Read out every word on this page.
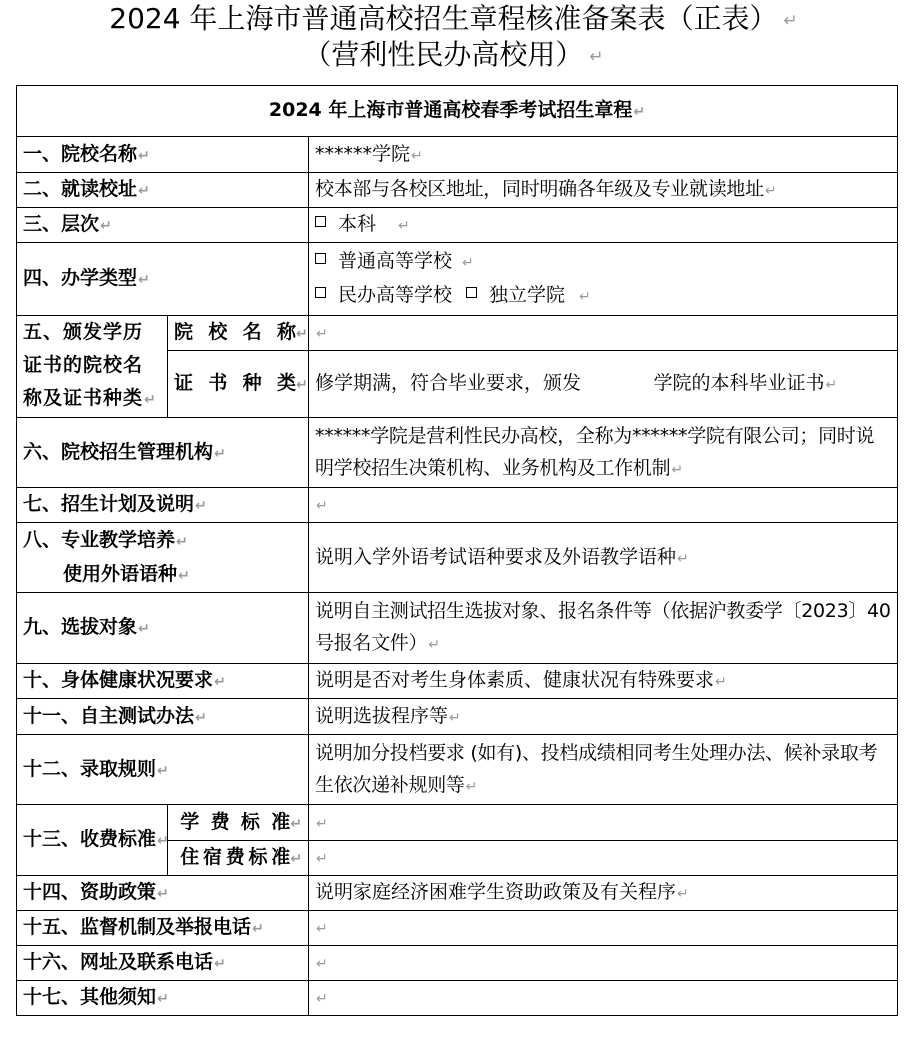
2024 年上海市普通高校招生章程核准备案表（正表） ↵
（营利性民办高校用） ↵
2024 年上海市普通高校春季考试招生章程↵		
一、院校名称↵		******学院↵
二、就读校址↵		校本部与各校区地址，同时明确各年级及专业就读地址↵
三、层次↵		本科 ↵
四、办学类型↵		普通高等学校 ↵
民办高等学校 独立学院 ↵

五、颁发学历证书的院校名称及证书种类↵	院校名称↵	↵
	证书种类↵	修学期满，符合毕业要求，颁发            学院的本科毕业证书↵
六、院校招生管理机构↵		******学院是营利性民办高校，全称为******学院有限公司；同时说明学校招生决策机构、业务机构及工作机制↵
七、招生计划及说明↵		↵

八、专业教学培养↵
使用外语语种↵		说明入学外语考试语种要求及外语教学语种↵
九、选拔对象↵		说明自主测试招生选拔对象、报名条件等（依据沪教委学〔2023〕40 号报名文件）↵
十、身体健康状况要求↵		说明是否对考生身体素质、健康状况有特殊要求↵
十一、自主测试办法↵		说明选拔程序等↵
十二、录取规则↵		说明加分投档要求 (如有)、投档成绩相同考生处理办法、候补录取考生依次递补规则等↵
十三、收费标准↵	学费标准↵	↵
	住宿费标准↵	↵
十四、资助政策↵		说明家庭经济困难学生资助政策及有关程序↵
十五、监督机制及举报电话↵		↵
十六、网址及联系电话↵		↵
十七、其他须知↵		↵
